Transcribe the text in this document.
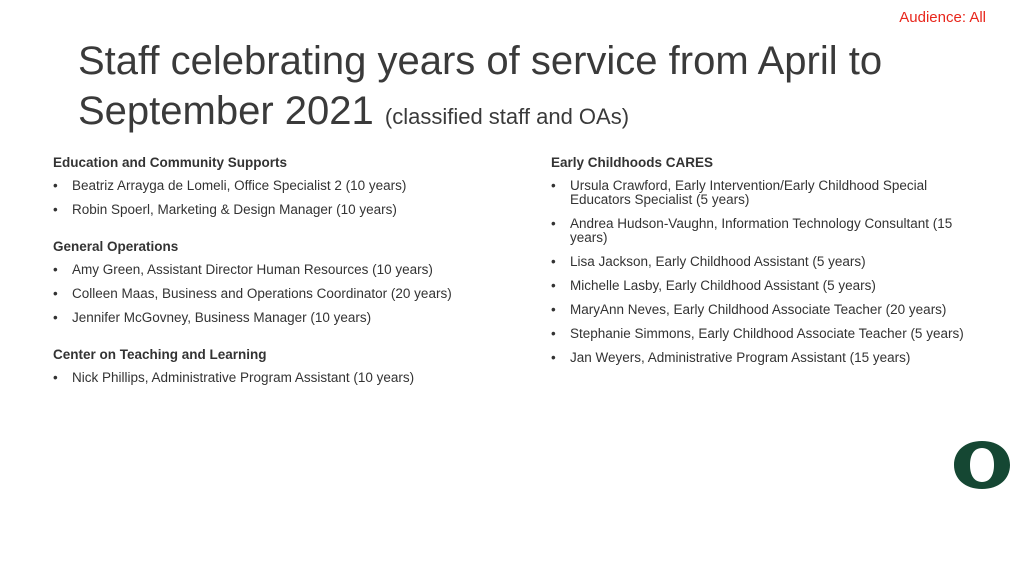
Audience: All
Staff celebrating years of service from April to September 2021 (classified staff and OAs)
Education and Community Supports
• Beatriz Arrayga de Lomeli, Office Specialist 2 (10 years)
• Robin Spoerl, Marketing & Design Manager (10 years)
General Operations
• Amy Green, Assistant Director Human Resources (10 years)
• Colleen Maas, Business and Operations Coordinator (20 years)
• Jennifer McGovney, Business Manager (10 years)
Center on Teaching and Learning
• Nick Phillips, Administrative Program Assistant (10 years)
Early Childhoods CARES
• Ursula Crawford, Early Intervention/Early Childhood Special Educators Specialist (5 years)
• Andrea Hudson-Vaughn, Information Technology Consultant (15 years)
• Lisa Jackson, Early Childhood Assistant (5 years)
• Michelle Lasby, Early Childhood Assistant (5 years)
• MaryAnn Neves, Early Childhood Associate Teacher (20 years)
• Stephanie Simmons, Early Childhood Associate Teacher (5 years)
• Jan Weyers, Administrative Program Assistant (15 years)
